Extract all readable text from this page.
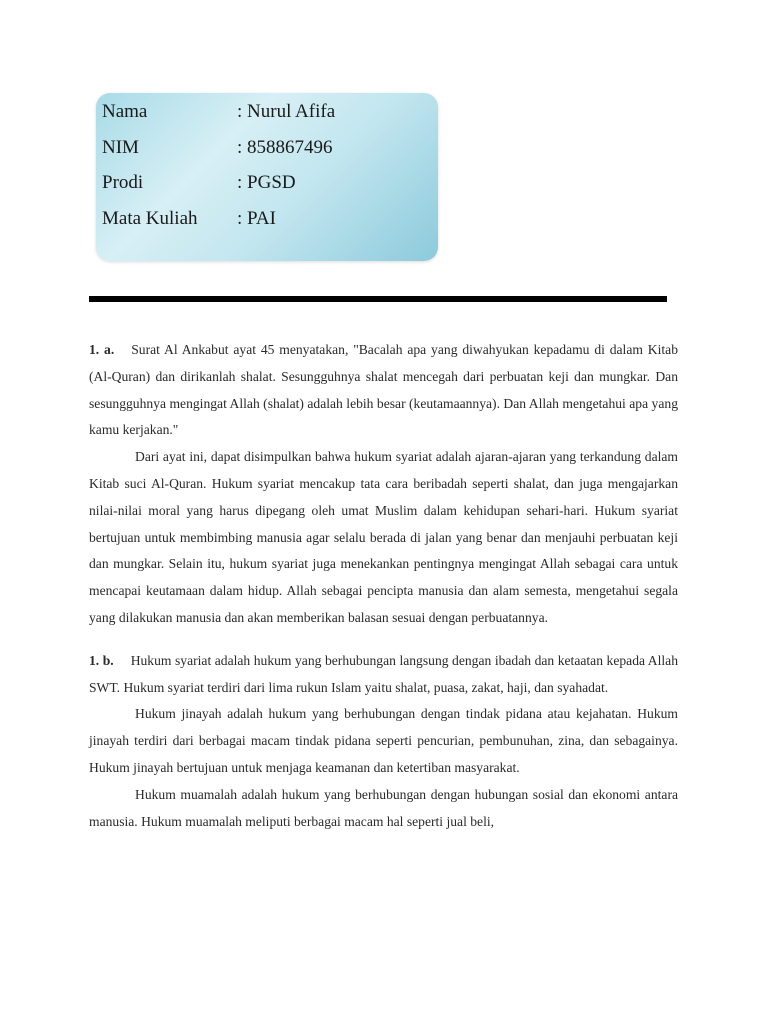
Nama	: Nurul Afifa
NIM	: 858867496
Prodi	: PGSD
Mata Kuliah : PAI

1. a. Surat Al Ankabut ayat 45 menyatakan, "Bacalah apa yang diwahyukan kepadamu di dalam Kitab (Al-Quran) dan dirikanlah shalat. Sesungguhnya shalat mencegah dari perbuatan keji dan mungkar. Dan sesungguhnya mengingat Allah (shalat) adalah lebih besar (keutamaannya). Dan Allah mengetahui apa yang kamu kerjakan."

Dari ayat ini, dapat disimpulkan bahwa hukum syariat adalah ajaran-ajaran yang terkandung dalam Kitab suci Al-Quran. Hukum syariat mencakup tata cara beribadah seperti shalat, dan juga mengajarkan nilai-nilai moral yang harus dipegang oleh umat Muslim dalam kehidupan sehari-hari. Hukum syariat bertujuan untuk membimbing manusia agar selalu berada di jalan yang benar dan menjauhi perbuatan keji dan mungkar. Selain itu, hukum syariat juga menekankan pentingnya mengingat Allah sebagai cara untuk mencapai keutamaan dalam hidup. Allah sebagai pencipta manusia dan alam semesta, mengetahui segala yang dilakukan manusia dan akan memberikan balasan sesuai dengan perbuatannya.

1. b. Hukum syariat adalah hukum yang berhubungan langsung dengan ibadah dan ketaatan kepada Allah SWT. Hukum syariat terdiri dari lima rukun Islam yaitu shalat, puasa, zakat, haji, dan syahadat.

Hukum jinayah adalah hukum yang berhubungan dengan tindak pidana atau kejahatan. Hukum jinayah terdiri dari berbagai macam tindak pidana seperti pencurian, pembunuhan, zina, dan sebagainya. Hukum jinayah bertujuan untuk menjaga keamanan dan ketertiban masyarakat.

Hukum muamalah adalah hukum yang berhubungan dengan hubungan sosial dan ekonomi antara manusia. Hukum muamalah meliputi berbagai macam hal seperti jual beli,
